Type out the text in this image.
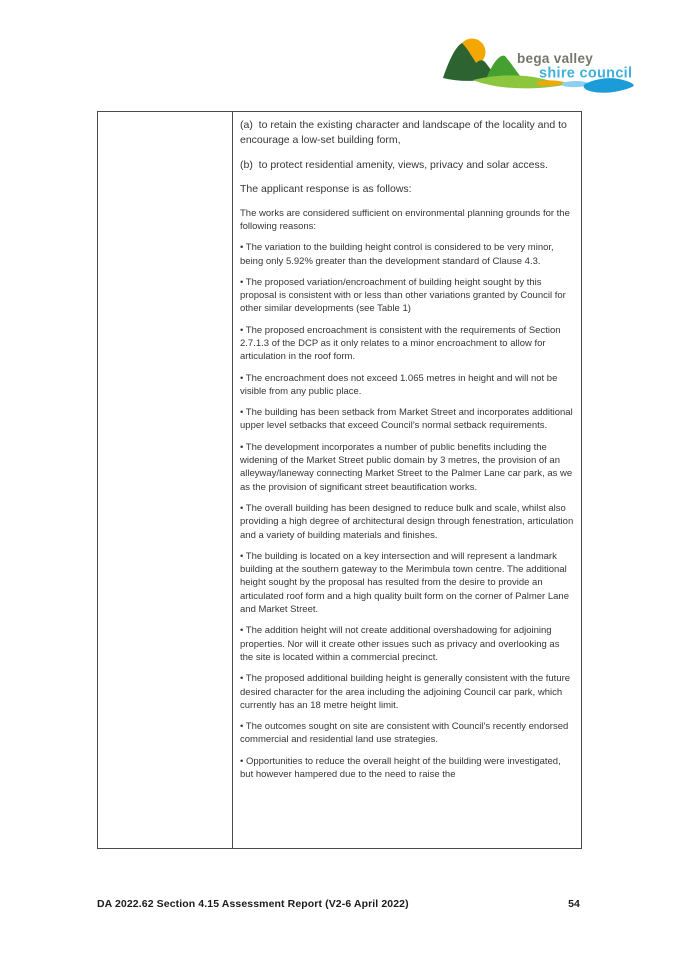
bega valley
shire council

(a)  to retain the existing character and landscape of the locality and to encourage a low-set building form,

(b)  to protect residential amenity, views, privacy and solar access.

The applicant response is as follows:

The works are considered sufficient on environmental planning grounds for the following reasons:

• The variation to the building height control is considered to be very minor, being only 5.92% greater than the development standard of Clause 4.3.

• The proposed variation/encroachment of building height sought by this proposal is consistent with or less than other variations granted by Council for other similar developments (see Table 1)

• The proposed encroachment is consistent with the requirements of Section 2.7.1.3 of the DCP as it only relates to a minor encroachment to allow for articulation in the roof form.

• The encroachment does not exceed 1.065 metres in height and will not be visible from any public place.

• The building has been setback from Market Street and incorporates additional upper level setbacks that exceed Council’s normal setback requirements.

• The development incorporates a number of public benefits including the widening of the Market Street public domain by 3 metres, the provision of an alleyway/laneway connecting Market Street to the Palmer Lane car park, as we as the provision of significant street beautification works.

• The overall building has been designed to reduce bulk and scale, whilst also providing a high degree of architectural design through fenestration, articulation and a variety of building materials and finishes.

• The building is located on a key intersection and will represent a landmark building at the southern gateway to the Merimbula town centre. The additional height sought by the proposal has resulted from the desire to provide an articulated roof form and a high quality built form on the corner of Palmer Lane and Market Street.

• The addition height will not create additional overshadowing for adjoining properties. Nor will it create other issues such as privacy and overlooking as the site is located within a commercial precinct.

• The proposed additional building height is generally consistent with the future desired character for the area including the adjoining Council car park, which currently has an 18 metre height limit.

• The outcomes sought on site are consistent with Council’s recently endorsed commercial and residential land use strategies.

• Opportunities to reduce the overall height of the building were investigated,  but however hampered due to the need to raise the

DA 2022.62 Section 4.15 Assessment Report (V2-6 April 2022)	54
